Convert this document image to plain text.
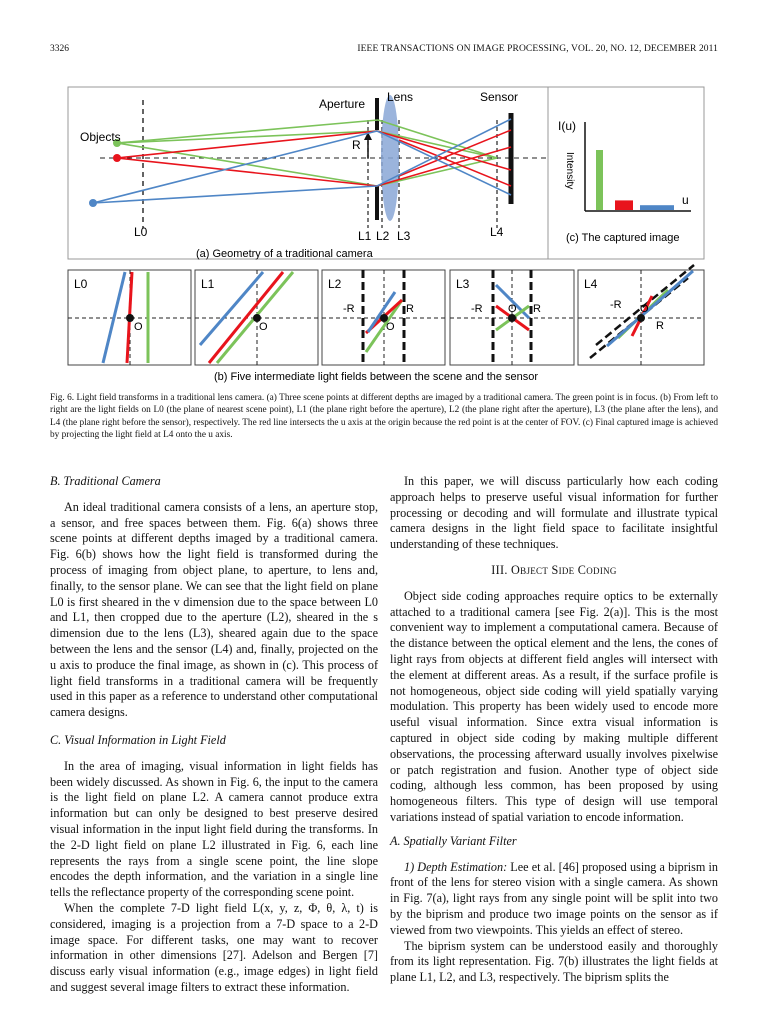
3326	IEEE TRANSACTIONS ON IMAGE PROCESSING, VOL. 20, NO. 12, DECEMBER 2011
Aperture Lens	Sensor
Objects
R
L0	L1 L2 L3	L4
(a) Geometry of a traditional camera
I(u)
Intensity
u
(c) The captured image
L0	L1	L2	L3	L4
O	O
-R	R
O
-R O R	-R O
R
(b) Five intermediate light fields between the scene and the sensor
Fig. 6. Light field transforms in a traditional lens camera. (a) Three scene points at different depths are imaged by a traditional camera. The green point is in focus. (b) From left to right are the light fields on L0 (the plane of nearest scene point), L1 (the plane right before the aperture), L2 (the plane right after the aperture), L3 (the plane after the lens), and L4 (the plane right before the sensor), respectively. The red line intersects the u axis at the origin because the red point is at the center of FOV. (c) Final captured image is achieved by projecting the light field at L4 onto the u axis.
B. Traditional Camera

An ideal traditional camera consists of a lens, an aperture stop, a sensor, and free spaces between them. Fig. 6(a) shows three scene points at different depths imaged by a traditional camera. Fig. 6(b) shows how the light field is transformed during the process of imaging from object plane, to aperture, to lens and, finally, to the sensor plane. We can see that the light field on plane L0 is first sheared in the v dimension due to the space between L0 and L1, then cropped due to the aperture (L2), sheared in the s dimension due to the lens (L3), sheared again due to the space between the lens and the sensor (L4) and, finally, projected on the u axis to produce the final image, as shown in (c). This process of light field transforms in a traditional camera will be frequently used in this paper as a reference to understand other computational camera designs.

C. Visual Information in Light Field

In the area of imaging, visual information in light fields has been widely discussed. As shown in Fig. 6, the input to the camera is the light field on plane L2. A camera cannot produce extra information but can only be designed to best preserve desired visual information in the input light field during the transforms. In the 2-D light field on plane L2 illustrated in Fig. 6, each line represents the rays from a single scene point, the line slope encodes the depth information, and the variation in a single line tells the reflectance property of the corresponding scene point.

When the complete 7-D light field L(x, y, z, Φ, θ, λ, t) is considered, imaging is a projection from a 7-D space to a 2-D image space. For different tasks, one may want to recover information in other dimensions [27]. Adelson and Bergen [7] discuss early visual information (e.g., image edges) in light field and suggest several image filters to extract these information.

In this paper, we will discuss particularly how each coding approach helps to preserve useful visual information for further processing or decoding and will formulate and illustrate typical camera designs in the light field space to facilitate insightful understanding of these techniques.

III. Object Side Coding

Object side coding approaches require optics to be externally attached to a traditional camera [see Fig. 2(a)]. This is the most convenient way to implement a computational camera. Because of the distance between the optical element and the lens, the cones of light rays from objects at different field angles will intersect with the element at different areas. As a result, if the surface profile is not homogeneous, object side coding will yield spatially varying modulation. This property has been widely used to encode more useful visual information. Since extra visual information is captured in object side coding by making multiple different observations, the processing afterward usually involves pixelwise or patch registration and fusion. Another type of object side coding, although less common, has been proposed by using homogeneous filters. This type of design will use temporal variations instead of spatial variation to encode information.

A. Spatially Variant Filter

1) Depth Estimation: Lee et al. [46] proposed using a biprism in front of the lens for stereo vision with a single camera. As shown in Fig. 7(a), light rays from any single point will be split into two by the biprism and produce two image points on the sensor as if viewed from two viewpoints. This yields an effect of stereo.

The biprism system can be understood easily and thoroughly from its light representation. Fig. 7(b) illustrates the light fields at plane L1, L2, and L3, respectively. The biprism splits the
